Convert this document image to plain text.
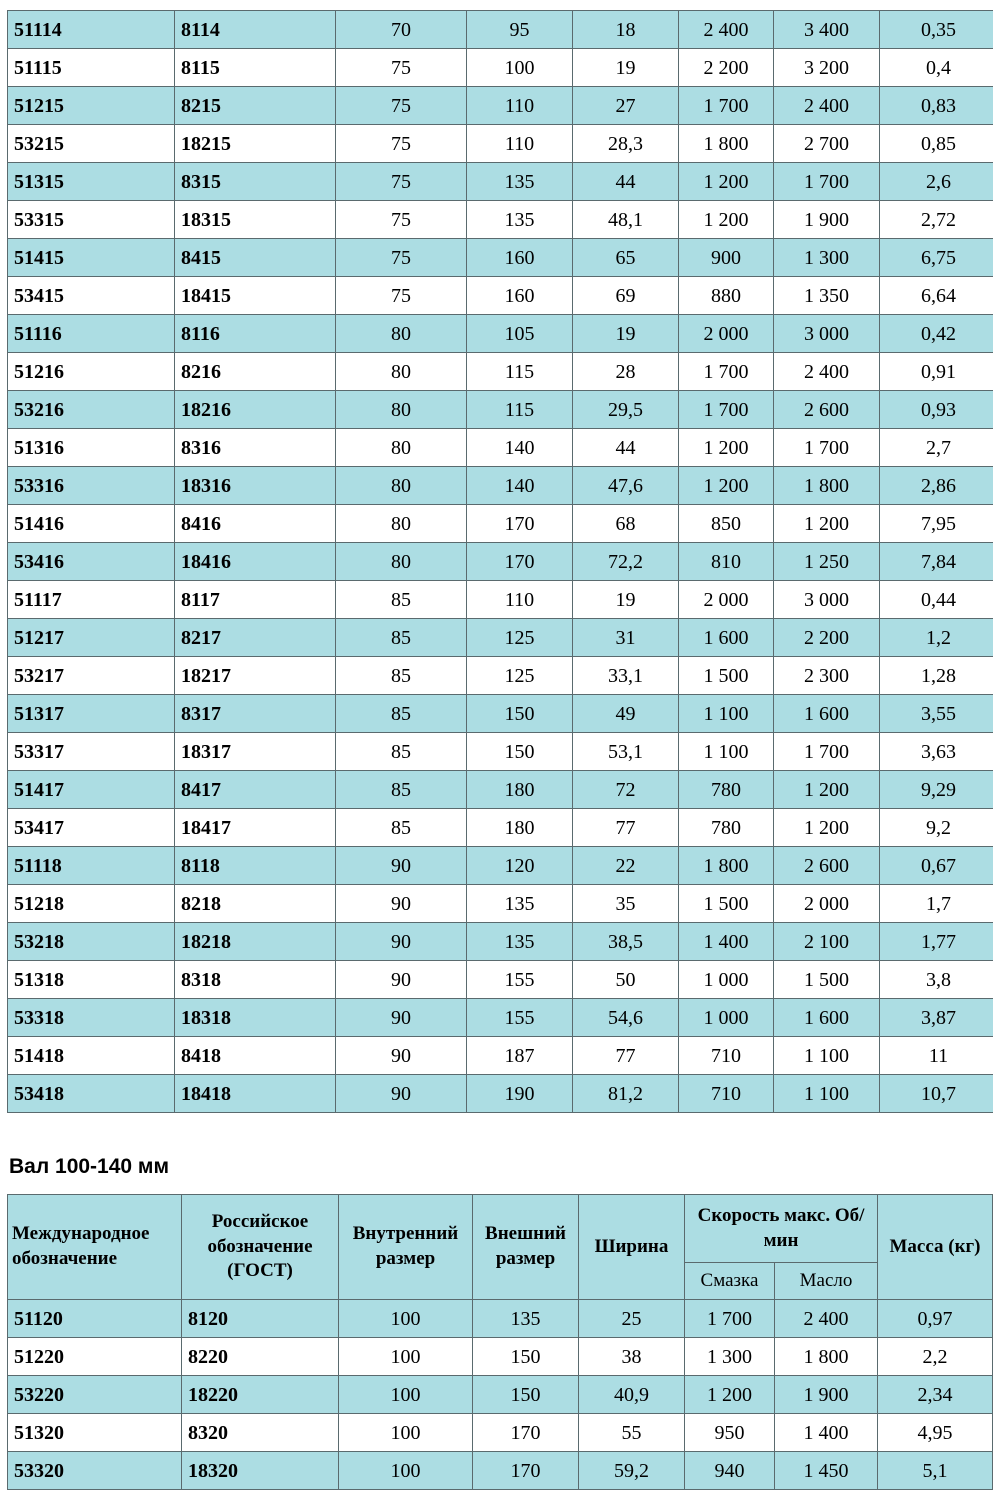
51114	8114	70	95	18	2 400	3 400	0,35
51115	8115	75	100	19	2 200	3 200	0,4
51215	8215	75	110	27	1 700	2 400	0,83
53215	18215	75	110	28,3	1 800	2 700	0,85
51315	8315	75	135	44	1 200	1 700	2,6
53315	18315	75	135	48,1	1 200	1 900	2,72
51415	8415	75	160	65	900	1 300	6,75
53415	18415	75	160	69	880	1 350	6,64
51116	8116	80	105	19	2 000	3 000	0,42
51216	8216	80	115	28	1 700	2 400	0,91
53216	18216	80	115	29,5	1 700	2 600	0,93
51316	8316	80	140	44	1 200	1 700	2,7
53316	18316	80	140	47,6	1 200	1 800	2,86
51416	8416	80	170	68	850	1 200	7,95
53416	18416	80	170	72,2	810	1 250	7,84
51117	8117	85	110	19	2 000	3 000	0,44
51217	8217	85	125	31	1 600	2 200	1,2
53217	18217	85	125	33,1	1 500	2 300	1,28
51317	8317	85	150	49	1 100	1 600	3,55
53317	18317	85	150	53,1	1 100	1 700	3,63
51417	8417	85	180	72	780	1 200	9,29
53417	18417	85	180	77	780	1 200	9,2
51118	8118	90	120	22	1 800	2 600	0,67
51218	8218	90	135	35	1 500	2 000	1,7
53218	18218	90	135	38,5	1 400	2 100	1,77
51318	8318	90	155	50	1 000	1 500	3,8
53318	18318	90	155	54,6	1 000	1 600	3,87
51418	8418	90	187	77	710	1 100	11
53418	18418	90	190	81,2	710	1 100	10,7
Вал 100-140 мм
Международное обозначение	Российское обозначение (ГОСТ)	Внутренний размер	Внешний размер	Ширина	Скорость макс. Об/мин		Масса (кг)
					Смазка	Масло	
51120	8120	100	135	25	1 700	2 400	0,97
51220	8220	100	150	38	1 300	1 800	2,2
53220	18220	100	150	40,9	1 200	1 900	2,34
51320	8320	100	170	55	950	1 400	4,95
53320	18320	100	170	59,2	940	1 450	5,1
